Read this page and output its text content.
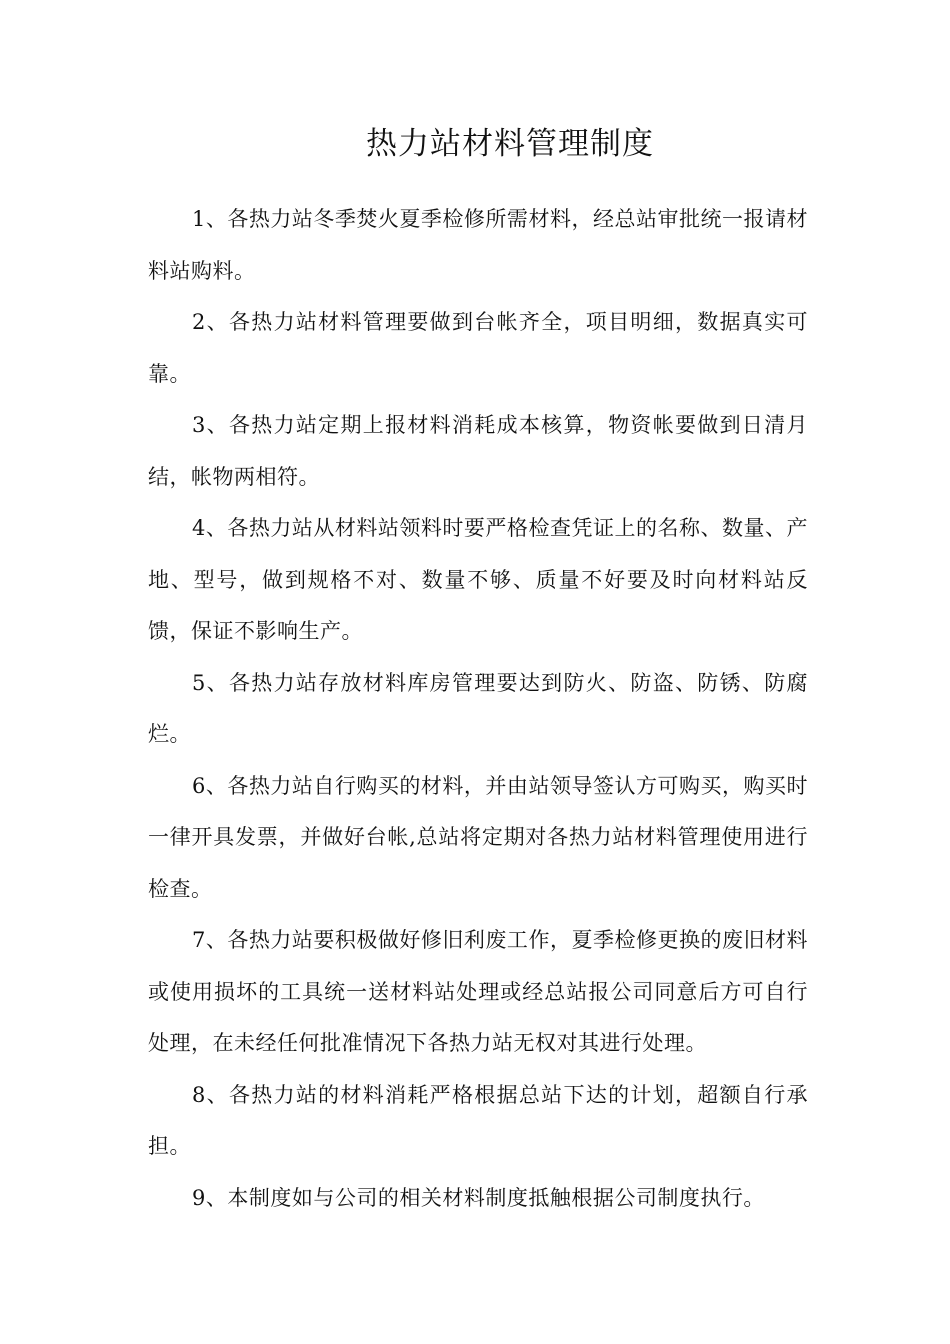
热力站材料管理制度

1、各热力站冬季焚火夏季检修所需材料，经总站审批统一报请材料站购料。

2、各热力站材料管理要做到台帐齐全，项目明细，数据真实可靠。

3、各热力站定期上报材料消耗成本核算，物资帐要做到日清月结，帐物两相符。

4、各热力站从材料站领料时要严格检查凭证上的名称、数量、产地、型号，做到规格不对、数量不够、质量不好要及时向材料站反馈，保证不影响生产。

5、各热力站存放材料库房管理要达到防火、防盗、防锈、防腐烂。

6、各热力站自行购买的材料，并由站领导签认方可购买，购买时一律开具发票，并做好台帐,总站将定期对各热力站材料管理使用进行检查。

7、各热力站要积极做好修旧利废工作，夏季检修更换的废旧材料或使用损坏的工具统一送材料站处理或经总站报公司同意后方可自行处理，在未经任何批准情况下各热力站无权对其进行处理。

8、各热力站的材料消耗严格根据总站下达的计划，超额自行承担。

9、本制度如与公司的相关材料制度抵触根据公司制度执行。
